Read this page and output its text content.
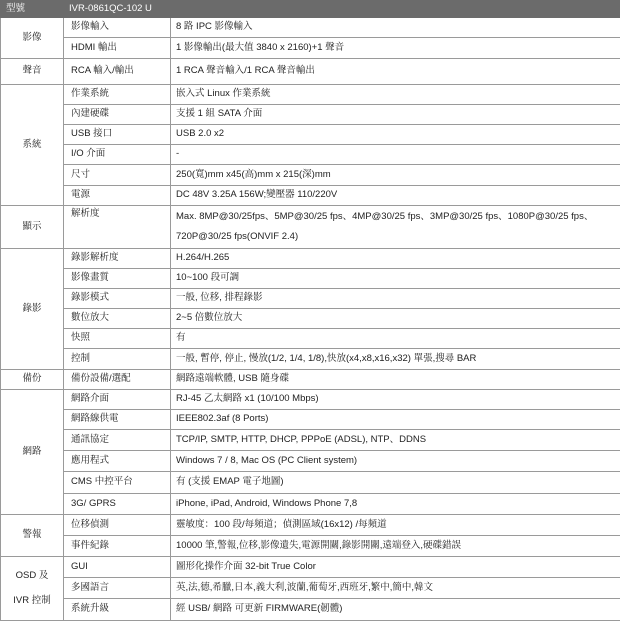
型號	IVR-0861QC-102 U	
影像	影像輸入	8 路 IPC 影像輸入
	HDMI 輸出	1 影像輸出(最大值 3840 x 2160)+1 聲音
聲音	RCA 輸入/輸出	1 RCA 聲音輸入/1 RCA 聲音輸出
系統	作業系統	嵌入式 Linux 作業系統
	內建硬碟	支援 1 組 SATA 介面
	USB 接口	USB 2.0 x2
	I/O 介面	-
	尺寸	250(寬)mm x45(高)mm x 215(深)mm
	電源	DC 48V 3.25A 156W;變壓器 110/220V
顯示	解析度	Max. 8MP@30/25fps、5MP@30/25 fps、4MP@30/25 fps、3MP@30/25 fps、1080P@30/25 fps、
720P@30/25 fps(ONVIF 2.4)

錄影	錄影解析度	H.264/H.265
	影像畫質	10~100 段可調
	錄影模式	一般, 位移, 排程錄影
	數位放大	2~5 倍數位放大
	快照	有
	控制	一般, 暫停, 停止, 慢放(1/2, 1/4, 1/8),快放(x4,x8,x16,x32) 單張,搜尋 BAR
備份	備份設備/選配	網路遠端軟體, USB 隨身碟
網路	網路介面	RJ-45 乙太網路 x1 (10/100 Mbps)
	網路線供電	IEEE802.3af (8 Ports)
	通訊協定	TCP/IP, SMTP, HTTP, DHCP, PPPoE (ADSL), NTP、DDNS
	應用程式	Windows 7 / 8, Mac OS (PC Client system)
	CMS 中控平台	有 (支援 EMAP 電子地圖)
	3G/ GPRS	iPhone, iPad, Android, Windows Phone 7,8
警報	位移偵測	靈敏度：100 段/每頻道；偵測區域(16x12) /每頻道
	事件紀錄	10000 筆,警報,位移,影像遺失,電源開關,錄影開關,遠端登入,硬碟錯誤

OSD 及
IVR 控制	GUI	圖形化操作介面 32-bit True Color
	多國語言	英,法,德,希臘,日本,義大利,波蘭,葡萄牙,西班牙,繁中,簡中,韓文
	系統升級	經 USB/ 網路 可更新 FIRMWARE(韌體)
